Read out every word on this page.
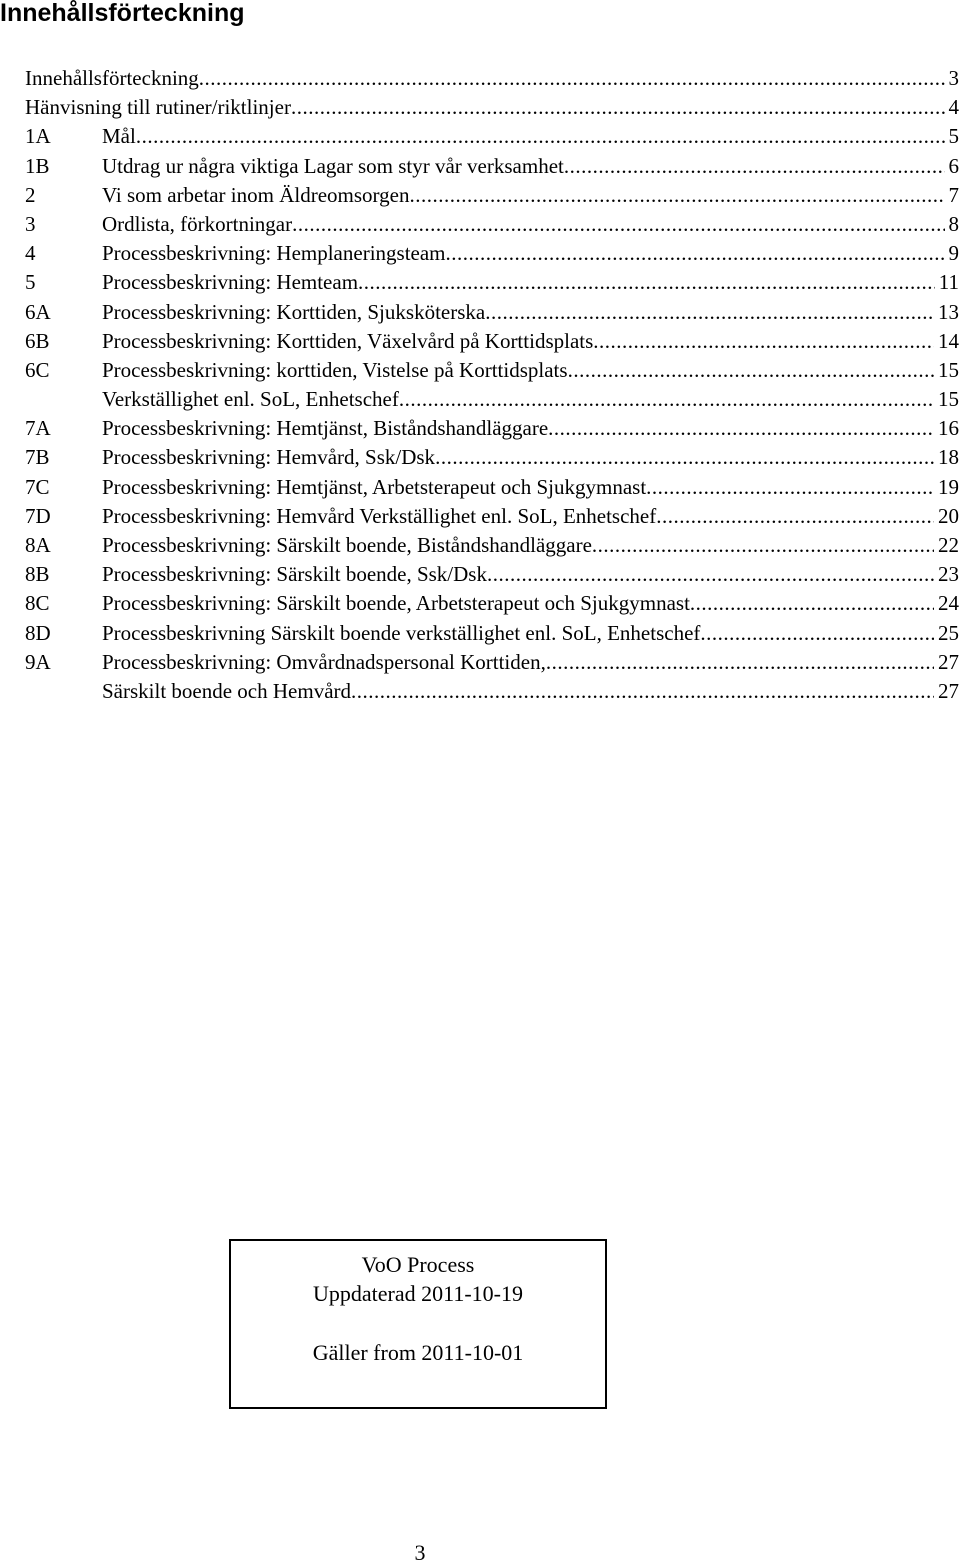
Innehållsförteckning
Innehållsförteckning .....	3
Hänvisning till rutiner/riktlinjer .....	4
1A Mål .....	5
1B Utdrag ur några viktiga Lagar som styr vår verksamhet .....	6
2	Vi som arbetar inom Äldreomsorgen .....	7
3	Ordlista, förkortningar .....	8
4	Processbeskrivning: Hemplaneringsteam .....	9
5	Processbeskrivning: Hemteam .....	11
6A Processbeskrivning: Korttiden, Sjuksköterska .....	13
6B Processbeskrivning: Korttiden, Växelvård på Korttidsplats .....	14
6C Processbeskrivning: korttiden, Vistelse på Korttidsplats .....	15
Verkställighet enl. SoL, Enhetschef .....	15
7A Processbeskrivning: Hemtjänst, Biståndshandläggare .....	16
7B Processbeskrivning: Hemvård, Ssk/Dsk .....	18
7C Processbeskrivning: Hemtjänst, Arbetsterapeut och Sjukgymnast .....	19
7D Processbeskrivning: Hemvård Verkställighet enl. SoL, Enhetschef .....	20
8A Processbeskrivning: Särskilt boende, Biståndshandläggare .....	22
8B Processbeskrivning: Särskilt boende, Ssk/Dsk .....	23
8C Processbeskrivning: Särskilt boende, Arbetsterapeut och Sjukgymnast .....	24
8D Processbeskrivning Särskilt boende verkställighet enl. SoL, Enhetschef .....	25
9A Processbeskrivning: Omvårdnadspersonal Korttiden, .....	27
Särskilt boende och Hemvård .....	27
VoO Process
Uppdaterad 2011-10-19
Gäller from 2011-10-01
3
